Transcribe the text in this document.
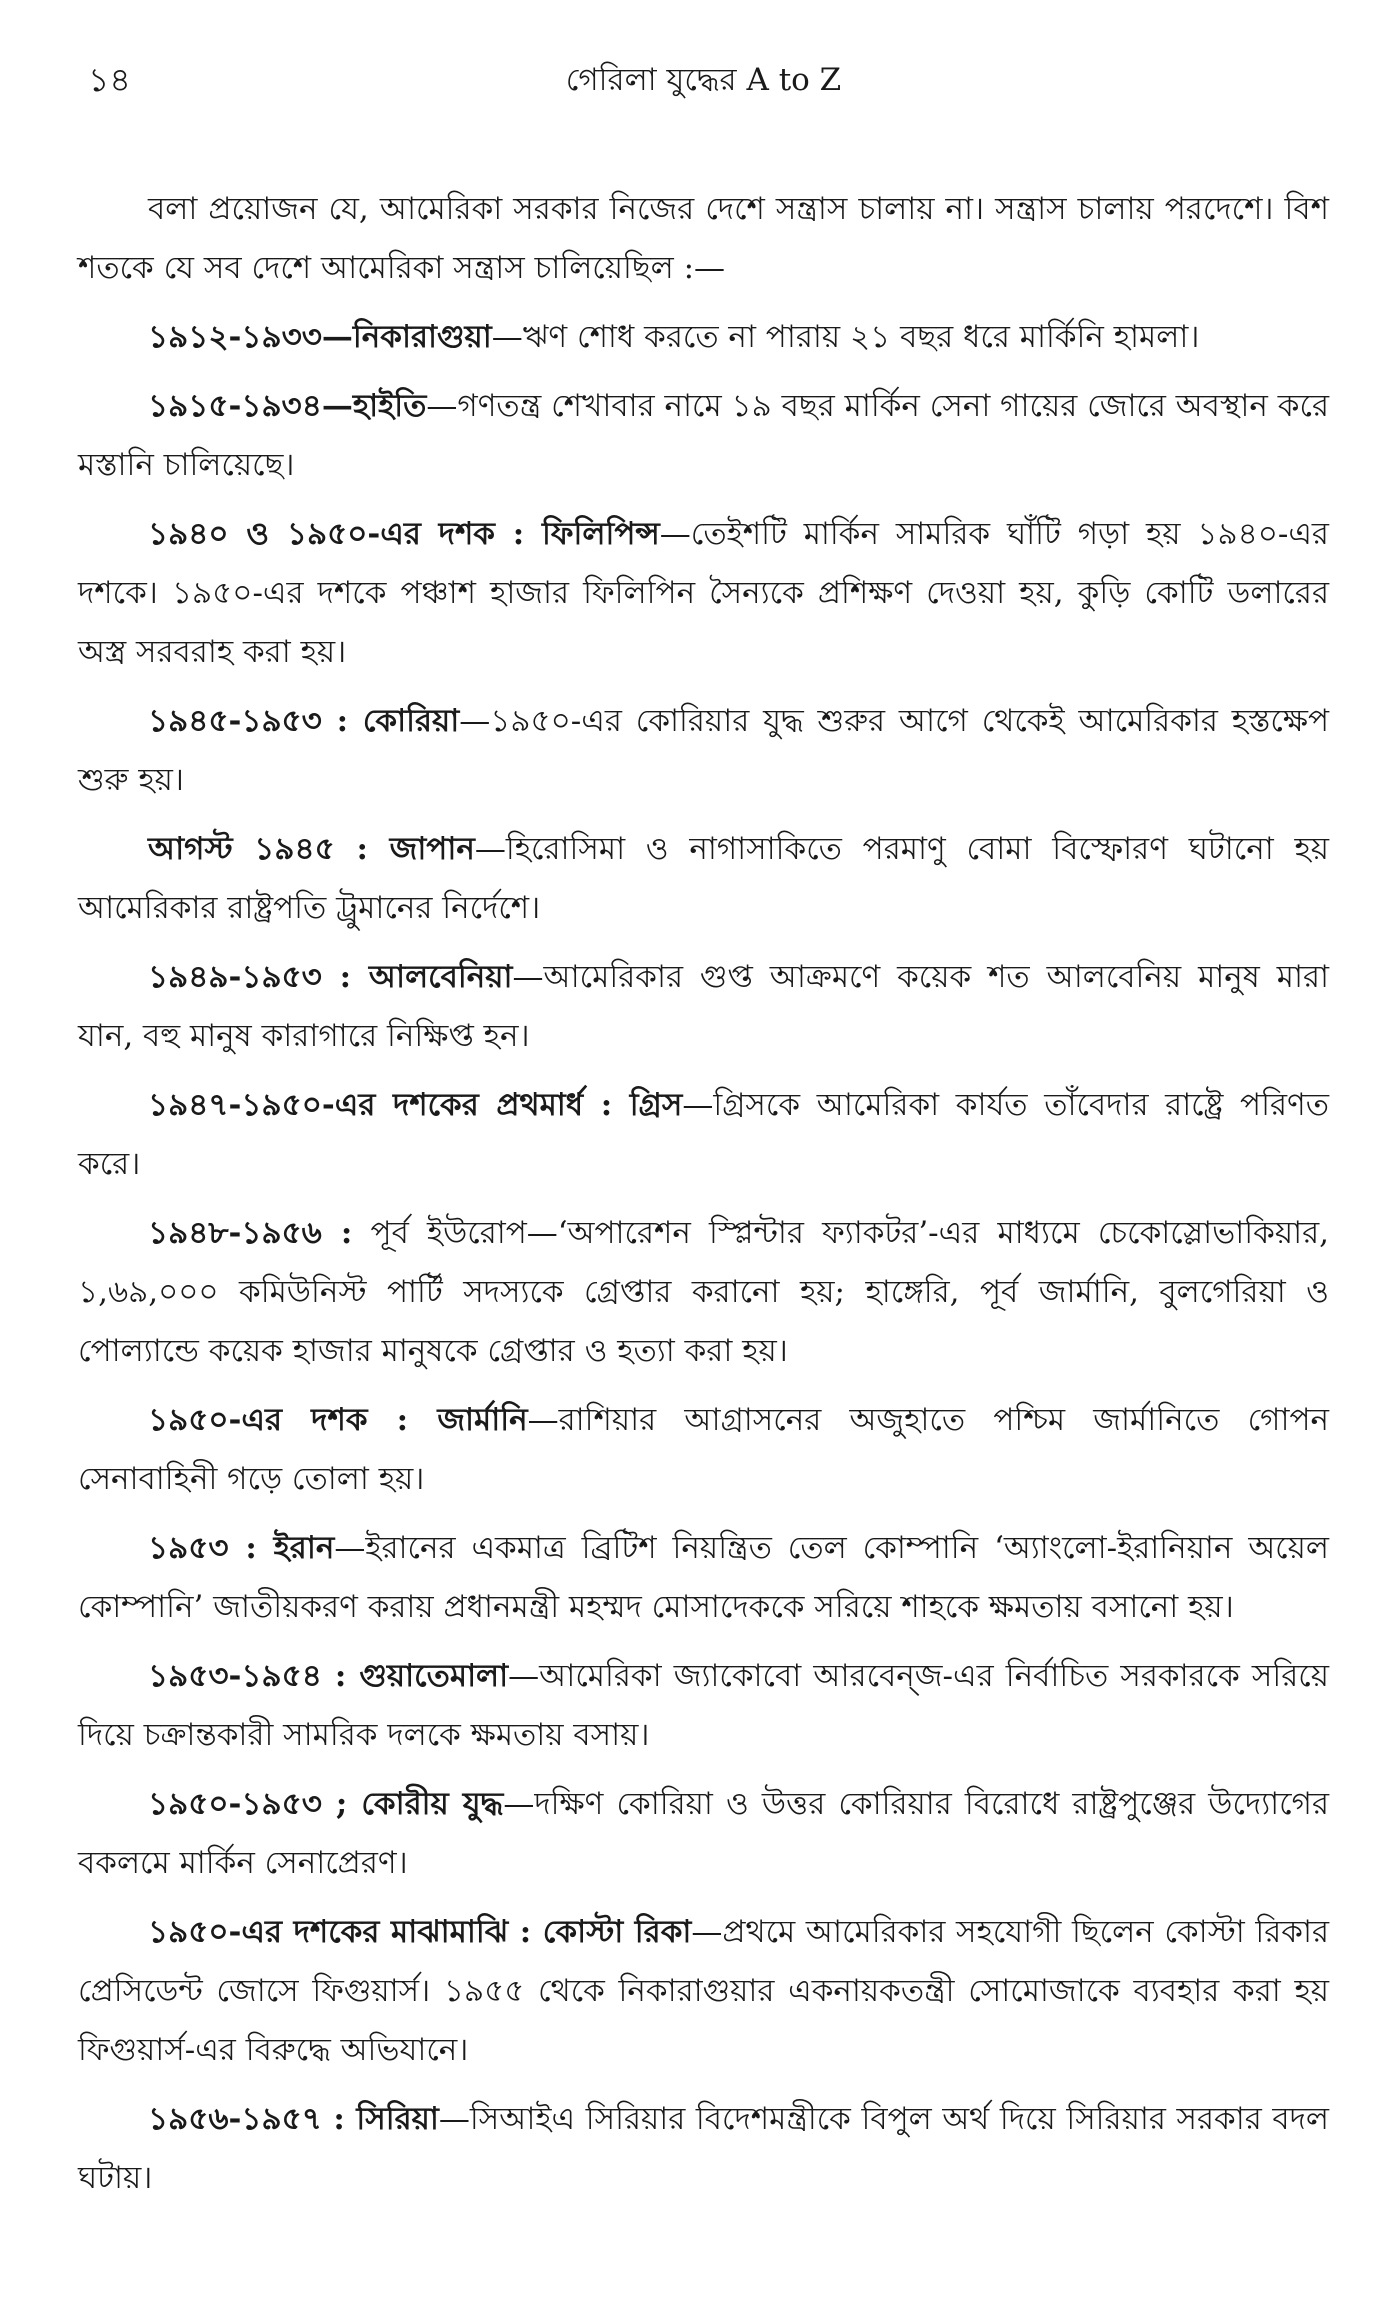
১৪	গেরিলা যুদ্ধের A to Z

বলা প্রয়োজন যে, আমেরিকা সরকার নিজের দেশে সন্ত্রাস চালায় না। সন্ত্রাস চালায় পরদেশে। বিশ শতকে যে সব দেশে আমেরিকা সন্ত্রাস চালিয়েছিল :—

১৯১২-১৯৩৩—নিকারাগুয়া—ঋণ শোধ করতে না পারায় ২১ বছর ধরে মার্কিনি হামলা।

১৯১৫-১৯৩৪—হাইতি—গণতন্ত্র শেখাবার নামে ১৯ বছর মার্কিন সেনা গায়ের জোরে অবস্থান করে মস্তানি চালিয়েছে।

১৯৪০ ও ১৯৫০-এর দশক : ফিলিপিন্স—তেইশটি মার্কিন সামরিক ঘাঁটি গড়া হয় ১৯৪০-এর দশকে। ১৯৫০-এর দশকে পঞ্চাশ হাজার ফিলিপিন সৈন্যকে প্রশিক্ষণ দেওয়া হয়, কুড়ি কোটি ডলারের অস্ত্র সরবরাহ করা হয়।

১৯৪৫-১৯৫৩ : কোরিয়া—১৯৫০-এর কোরিয়ার যুদ্ধ শুরুর আগে থেকেই আমেরিকার হস্তক্ষেপ শুরু হয়।

আগস্ট ১৯৪৫ : জাপান—হিরোসিমা ও নাগাসাকিতে পরমাণু বোমা বিস্ফোরণ ঘটানো হয় আমেরিকার রাষ্ট্রপতি ট্রুমানের নির্দেশে।

১৯৪৯-১৯৫৩ : আলবেনিয়া—আমেরিকার গুপ্ত আক্রমণে কয়েক শত আলবেনিয় মানুষ মারা যান, বহু মানুষ কারাগারে নিক্ষিপ্ত হন।

১৯৪৭-১৯৫০-এর দশকের প্রথমার্ধ : গ্রিস—গ্রিসকে আমেরিকা কার্যত তাঁবেদার রাষ্ট্রে পরিণত করে।

১৯৪৮-১৯৫৬ : পূর্ব ইউরোপ—‘অপারেশন স্প্লিন্টার ফ্যাকটর’-এর মাধ্যমে চেকোস্লোভাকিয়ার, ১,৬৯,০০০ কমিউনিস্ট পার্টি সদস্যকে গ্রেপ্তার করানো হয়; হাঙ্গেরি, পূর্ব জার্মানি, বুলগেরিয়া ও পোল্যান্ডে কয়েক হাজার মানুষকে গ্রেপ্তার ও হত্যা করা হয়।

১৯৫০-এর দশক : জার্মানি—রাশিয়ার আগ্রাসনের অজুহাতে পশ্চিম জার্মানিতে গোপন সেনাবাহিনী গড়ে তোলা হয়।

১৯৫৩ : ইরান—ইরানের একমাত্র ব্রিটিশ নিয়ন্ত্রিত তেল কোম্পানি ‘অ্যাংলো-ইরানিয়ান অয়েল কোম্পানি’ জাতীয়করণ করায় প্রধানমন্ত্রী মহম্মদ মোসাদেককে সরিয়ে শাহকে ক্ষমতায় বসানো হয়।

১৯৫৩-১৯৫৪ : গুয়াতেমালা—আমেরিকা জ্যাকোবো আরবেন্‌জ-এর নির্বাচিত সরকারকে সরিয়ে দিয়ে চক্রান্তকারী সামরিক দলকে ক্ষমতায় বসায়।

১৯৫০-১৯৫৩ ; কোরীয় যুদ্ধ—দক্ষিণ কোরিয়া ও উত্তর কোরিয়ার বিরোধে রাষ্ট্রপুঞ্জের উদ্যোগের বকলমে মার্কিন সেনাপ্রেরণ।

১৯৫০-এর দশকের মাঝামাঝি : কোস্টা রিকা—প্রথমে আমেরিকার সহযোগী ছিলেন কোস্টা রিকার প্রেসিডেন্ট জোসে ফিগুয়ার্স। ১৯৫৫ থেকে নিকারাগুয়ার একনায়কতন্ত্রী সোমোজাকে ব্যবহার করা হয় ফিগুয়ার্স-এর বিরুদ্ধে অভিযানে।

১৯৫৬-১৯৫৭ : সিরিয়া—সিআইএ সিরিয়ার বিদেশমন্ত্রীকে বিপুল অর্থ দিয়ে সিরিয়ার সরকার বদল ঘটায়।
